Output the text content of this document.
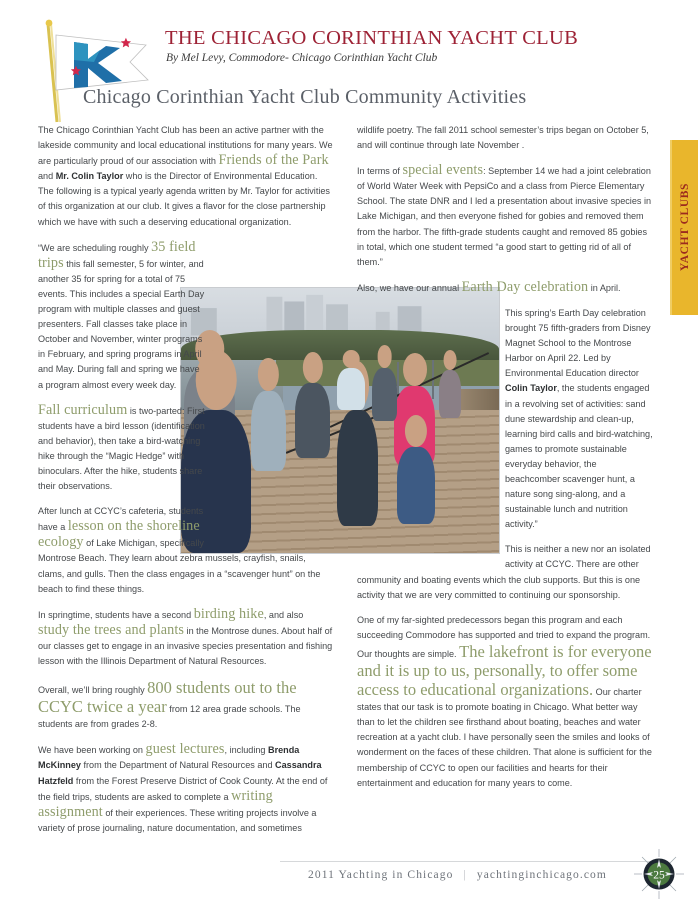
YACHT CLUBS
THE CHICAGO CORINTHIAN YACHT CLUB
By Mel Levy, Commodore- Chicago Corinthian Yacht Club
Chicago Corinthian Yacht Club Community Activities

The Chicago Corinthian Yacht Club has been an active partner with the lakeside community and local educational institutions for many years. We are particularly proud of our association with Friends of the Park and Mr. Colin Taylor who is the Director of Environmental Education. The following is a typical yearly agenda written by Mr. Taylor for activities of this organization at our club. It gives a flavor for the close partnership which we have with such a deserving educational organization.

“We are scheduling roughly 35 field trips this fall semester, 5 for winter, and another 35 for spring for a total of 75 events. This includes a special Earth Day program with multiple classes and guest presenters. Fall classes take place in October and November, winter programs in February, and spring programs in April and May. During fall and spring we have a program almost every week day.

Fall curriculum is two-parted: First students have a bird lesson (identification and behavior), then take a bird-watching hike through the “Magic Hedge” with binoculars. After the hike, students share their observations.

After lunch at CCYC’s cafeteria, students have a lesson on the shoreline ecology of Lake Michigan, specifically Montrose Beach. They learn about zebra mussels, crayfish, snails, clams, and gulls. Then the class engages in a “scavenger hunt” on the beach to find these things.

In springtime, students have a second birding hike, and also study the trees and plants in the Montrose dunes. About half of our classes get to engage in an invasive species presentation and fishing lesson with the Illinois Department of Natural Resources.

Overall, we’ll bring roughly 800 students out to the CCYC twice a year from 12 area grade schools. The students are from grades 2-8.

We have been working on guest lectures, including Brenda McKinney from the Department of Natural Resources and Cassandra Hatzfeld from the Forest Preserve District of Cook County. At the end of the field trips, students are asked to complete a writing assignment of their experiences. These writing projects involve a variety of prose journaling, nature documentation, and sometimes

wildlife poetry. The fall 2011 school semester’s trips began on October 5, and will continue through late November .

In terms of special events: September 14 we had a joint celebration of World Water Week with PepsiCo and a class from Pierce Elementary School. The state DNR and I led a presentation about invasive species in Lake Michigan, and then everyone fished for gobies and removed them from the harbor. The fifth-grade students caught and removed 85 gobies in total, which one student termed “a good start to getting rid of all of them.”

Also, we have our annual Earth Day celebration in April.

This spring’s Earth Day celebration brought 75 fifth-graders from Disney Magnet School to the Montrose Harbor on April 22. Led by Environmental Education director Colin Taylor, the students engaged in a revolving set of activities: sand dune stewardship and clean-up, learning bird calls and bird-watching, games to promote sustainable everyday behavior, the beachcomber scavenger hunt, a nature song sing-along, and a sustainable lunch and nutrition activity.”

This is neither a new nor an isolated activity at CCYC. There are other community and boating events which the club supports. But this is one activity that we are very committed to continuing our sponsorship.

One of my far-sighted predecessors began this program and each succeeding Commodore has supported and tried to expand the program. Our thoughts are simple. The lakefront is for everyone and it is up to us, personally, to offer some access to educational organizations. Our charter states that our task is to promote boating in Chicago. What better way than to let the children see firsthand about boating, beaches and water recreation at a yacht club. I have personally seen the smiles and looks of wonderment on the faces of these children. That alone is sufficient for the membership of CCYC to open our facilities and hearts for their entertainment and education for many years to come.

2011 Yachting in Chicago | yachtinginchicago.com	25
